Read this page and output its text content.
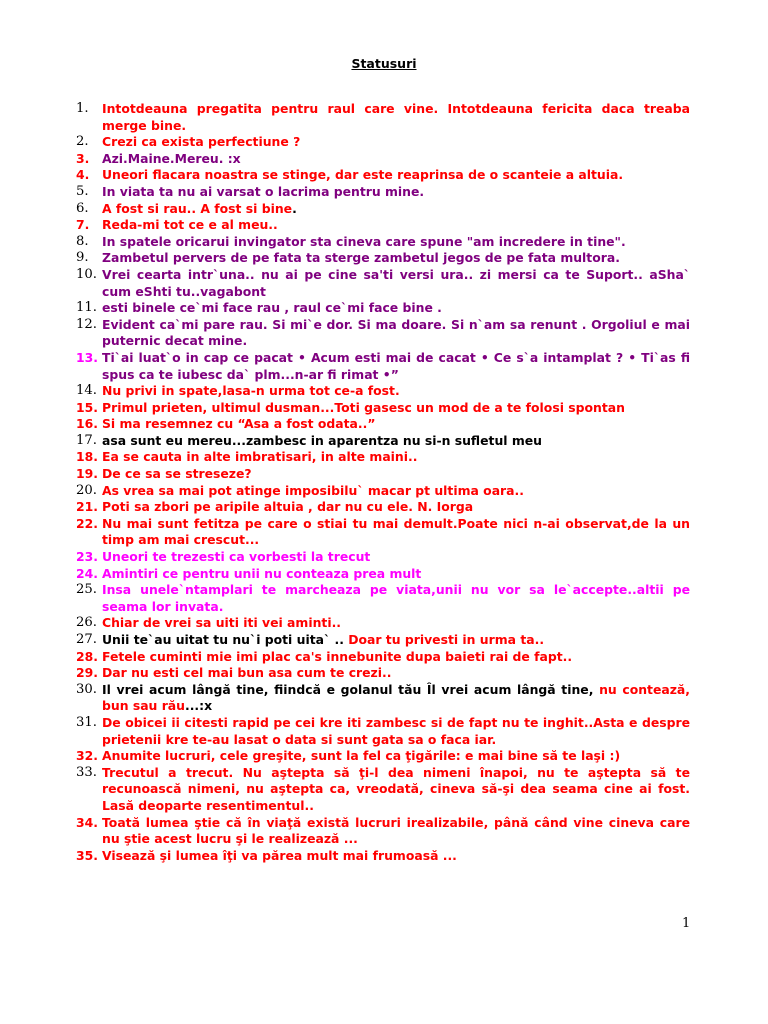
Statusuri
1. Intotdeauna pregatita pentru raul care vine. Intotdeauna fericita daca treaba merge bine.
2. Crezi ca exista perfectiune ?
3. Azi.Maine.Mereu. :x
4. Uneori flacara noastra se stinge, dar este reaprinsa de o scanteie a altuia.
5. In viata ta nu ai varsat o lacrima pentru mine.
6. A fost si rau.. A fost si bine.
7. Reda-mi tot ce e al meu..
8. In spatele oricarui invingator sta cineva care spune "am incredere in tine".
9. Zambetul pervers de pe fata ta sterge zambetul jegos de pe fata multora.
10. Vrei cearta intr`una.. nu ai pe cine sa'ti versi ura.. zi mersi ca te Suport.. aSha` cum eShti tu..vagabont
11. esti binele ce`mi face rau , raul ce`mi face bine .
12. Evident ca`mi pare rau. Si mi`e dor. Si ma doare. Si n`am sa renunt . Orgoliul e mai puternic decat mine.
13. Ti`ai luat`o in cap ce pacat • Acum esti mai de cacat • Ce s`a intamplat ? • Ti`as fi spus ca te iubesc da` plm...n-ar fi rimat •”
14. Nu privi in spate,lasa-n urma tot ce-a fost.
15. Primul prieten, ultimul dusman...Toti gasesc un mod de a te folosi spontan
16. Si ma resemnez cu “Asa a fost odata..”
17. asa sunt eu mereu...zambesc in aparentza nu si-n sufletul meu
18. Ea se cauta in alte imbratisari, in alte maini..
19. De ce sa se streseze?
20. As vrea sa mai pot atinge imposibilu` macar pt ultima oara..
21. Poti sa zbori pe aripile altuia , dar nu cu ele. N. Iorga
22. Nu mai sunt fetitza pe care o stiai tu mai demult.Poate nici n-ai observat,de la un timp am mai crescut...
23. Uneori te trezesti ca vorbesti la trecut
24. Amintiri ce pentru unii nu conteaza prea mult
25. Insa unele`ntamplari te marcheaza pe viata,unii nu vor sa le`accepte..altii pe seama lor invata.
26. Chiar de vrei sa uiti iti vei aminti..
27. Unii te`au uitat tu nu`i poti uita` .. Doar tu privesti in urma ta..
28. Fetele cuminti mie imi plac ca's innebunite dupa baieti rai de fapt..
29. Dar nu esti cel mai bun asa cum te crezi..
30. Il vrei acum lângă tine, fiindcă e golanul tău Îl vrei acum lângă tine, nu contează, bun sau rău...:x
31. De obicei ii citesti rapid pe cei kre iti zambesc si de fapt nu te inghit..Asta e despre prietenii kre te-au lasat o data si sunt gata sa o faca iar.
32. Anumite lucruri, cele greşite, sunt la fel ca ţigările: e mai bine să te laşi :)
33. Trecutul a trecut. Nu aştepta să ţi-l dea nimeni înapoi, nu te aştepta să te recunoască nimeni, nu aştepta ca, vreodată, cineva să-şi dea seama cine ai fost. Lasă deoparte resentimentul..
34. Toată lumea ştie că în viaţă există lucruri irealizabile, până când vine cineva care nu ştie acest lucru şi le realizează ...
35. Visează şi lumea îţi va părea mult mai frumoasă ...
1
